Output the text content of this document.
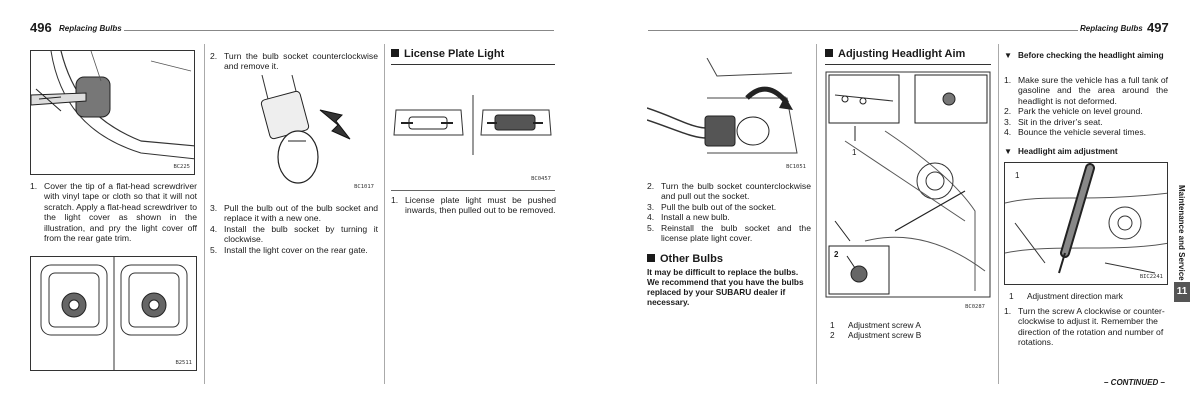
496 Replacing Bulbs	Replacing Bulbs 497
BC225
1. Cover the tip of a flat-head screwdriver with vinyl tape or cloth so that it will not scratch. Apply a flat-head screwdriver to the light cover as shown in the illustration, and pry the light cover off from the rear gate trim.
B2511
2. Turn the bulb socket counterclockwise and remove it.
BC1017
3. Pull the bulb out of the bulb socket and replace it with a new one.
4. Install the bulb socket by turning it clockwise.
5. Install the light cover on the rear gate.
License Plate Light
BC0457
1. License plate light must be pushed inwards, then pulled out to be removed.
BC1051
2. Turn the bulb socket counterclockwise and pull out the socket.
3. Pull the bulb out of the socket.
4. Install a new bulb.
5. Reinstall the bulb socket and the license plate light cover.
Other Bulbs
It may be difficult to replace the bulbs. We recommend that you have the bulbs replaced by your SUBARU dealer if necessary.
Adjusting Headlight Aim
1
2
BC0287
1	Adjustment screw A
2	Adjustment screw B
▼ Before checking the headlight aiming
1. Make sure the vehicle has a full tank of gasoline and the area around the headlight is not deformed.
2. Park the vehicle on level ground.
3. Sit in the driver’s seat.
4. Bounce the vehicle several times.
▼ Headlight aim adjustment
1
BIC2241
1	Adjustment direction mark
1. Turn the screw A clockwise or counter-clockwise to adjust it. Remember the direction of the rotation and number of rotations.
– CONTINUED –
Maintenance and Service
11
